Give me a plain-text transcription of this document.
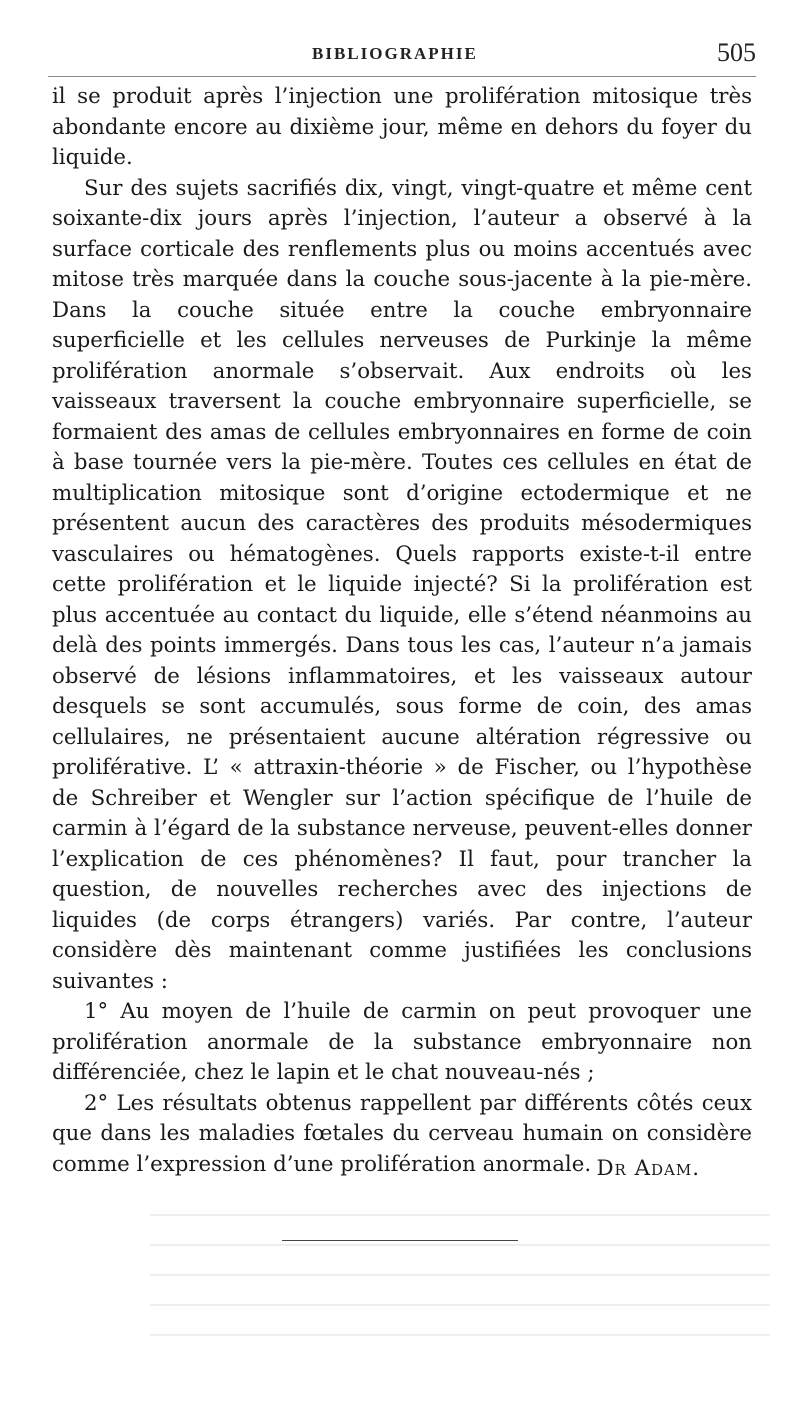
BIBLIOGRAPHIE	505

il se produit après l’injection une prolifération mitosique très abondante encore au dixième jour, même en dehors du foyer du liquide.

Sur des sujets sacrifiés dix, vingt, vingt-quatre et même cent soixante-dix jours après l’injection, l’auteur a observé à la surface corticale des renflements plus ou moins accentués avec mitose très marquée dans la couche sous-jacente à la pie-mère. Dans la couche située entre la couche embryonnaire superficielle et les cellules nerveuses de Purkinje la même prolifération anormale s’observait. Aux endroits où les vaisseaux traversent la couche embryonnaire superficielle, se formaient des amas de cellules embryonnaires en forme de coin à base tournée vers la pie-mère. Toutes ces cellules en état de multiplication mitosique sont d’origine ectodermique et ne présentent aucun des caractères des produits mésodermiques vasculaires ou hématogènes. Quels rapports existe-t-il entre cette prolifération et le liquide injecté? Si la prolifération est plus accentuée au contact du liquide, elle s’étend néanmoins au delà des points immergés. Dans tous les cas, l’auteur n’a jamais observé de lésions inflammatoires, et les vaisseaux autour desquels se sont accumulés, sous forme de coin, des amas cellulaires, ne présentaient aucune altération régressive ou proliférative. L’ « attraxin-théorie » de Fischer, ou l’hypothèse de Schreiber et Wengler sur l’action spécifique de l’huile de carmin à l’égard de la substance nerveuse, peuvent-elles donner l’explication de ces phénomènes? Il faut, pour trancher la question, de nouvelles recherches avec des injections de liquides (de corps étrangers) variés. Par contre, l’auteur considère dès maintenant comme justifiées les conclusions suivantes :

1° Au moyen de l’huile de carmin on peut provoquer une prolifération anormale de la substance embryonnaire non différenciée, chez le lapin et le chat nouveau-nés ;

2° Les résultats obtenus rappellent par différents côtés ceux que dans les maladies fœtales du cerveau humain on considère comme l’expression d’une prolifération anormale. Dr Adam.
